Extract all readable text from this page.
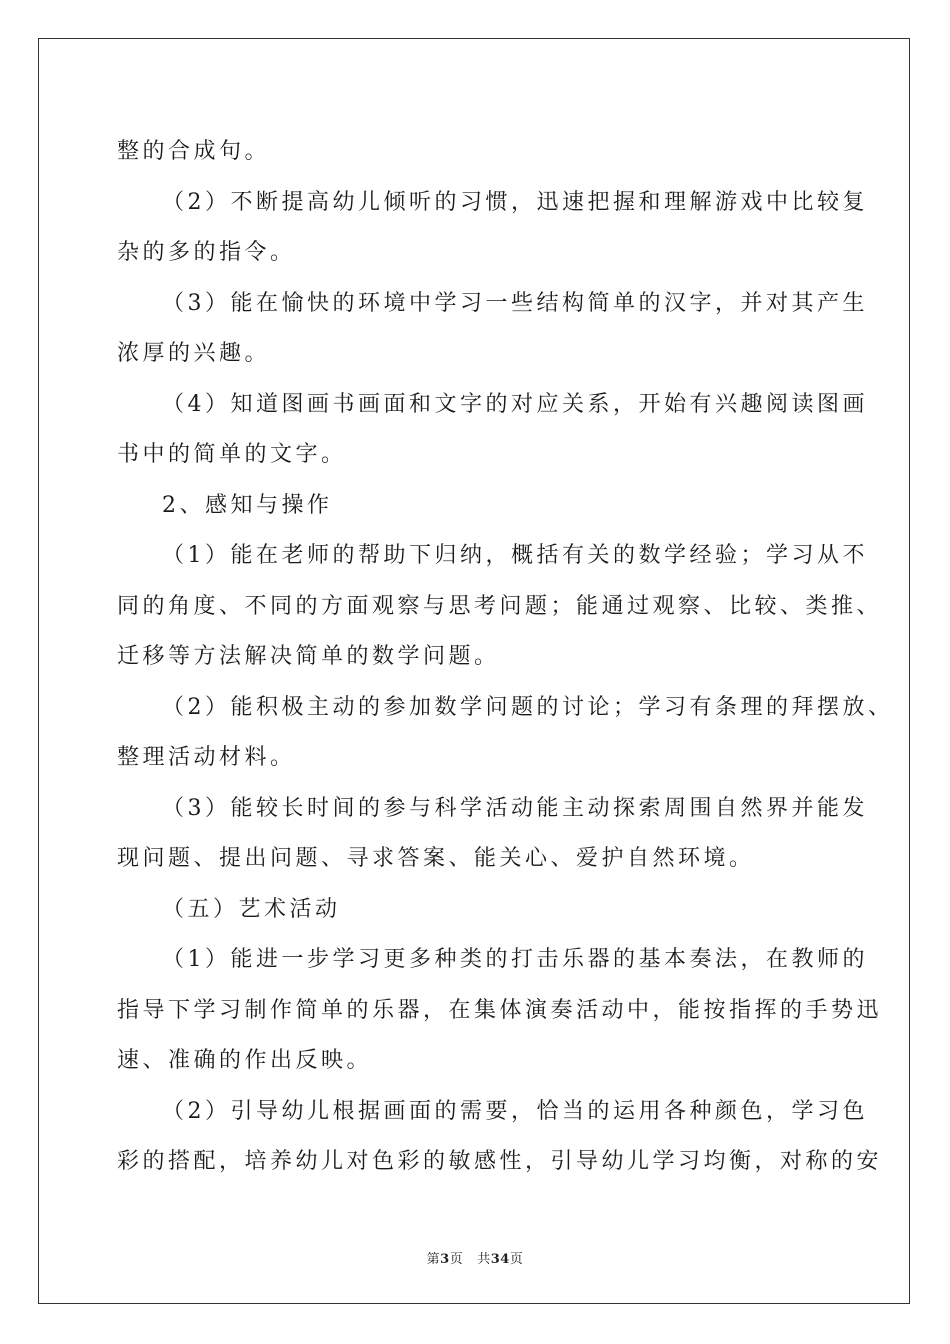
整的合成句。
（2）不断提高幼儿倾听的习惯，迅速把握和理解游戏中比较复
杂的多的指令。
（3）能在愉快的环境中学习一些结构简单的汉字，并对其产生
浓厚的兴趣。
（4）知道图画书画面和文字的对应关系，开始有兴趣阅读图画
书中的简单的文字。
2、感知与操作
（1）能在老师的帮助下归纳，概括有关的数学经验；学习从不
同的角度、不同的方面观察与思考问题；能通过观察、比较、类推、
迁移等方法解决简单的数学问题。
（2）能积极主动的参加数学问题的讨论；学习有条理的拜摆放、
整理活动材料。
（3）能较长时间的参与科学活动能主动探索周围自然界并能发
现问题、提出问题、寻求答案、能关心、爱护自然环境。
（五）艺术活动
（1）能进一步学习更多种类的打击乐器的基本奏法，在教师的
指导下学习制作简单的乐器，在集体演奏活动中，能按指挥的手势迅
速、准确的作出反映。
（2）引导幼儿根据画面的需要，恰当的运用各种颜色，学习色
彩的搭配，培养幼儿对色彩的敏感性，引导幼儿学习均衡，对称的安
第3页 共34页
